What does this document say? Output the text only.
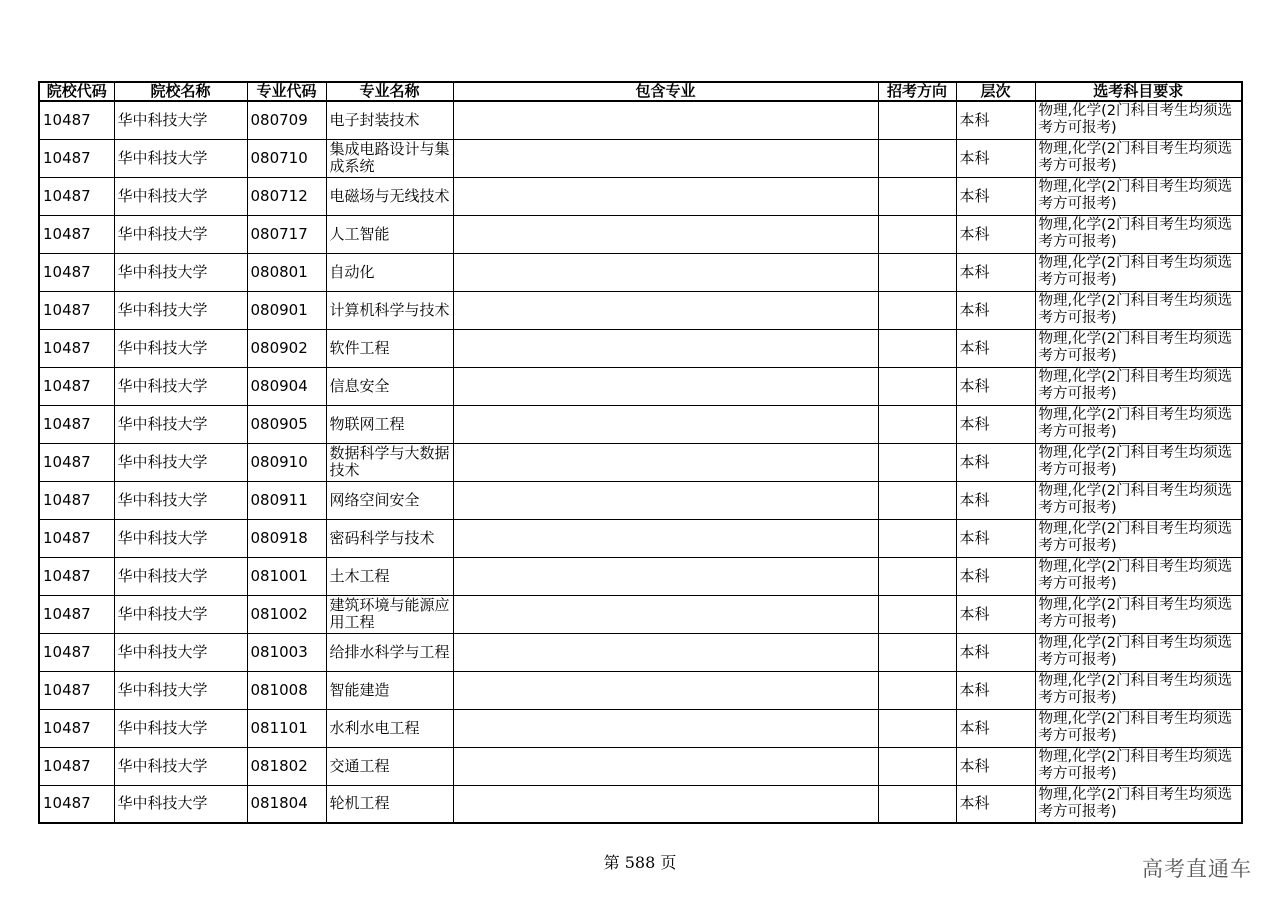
院校代码	院校名称	专业代码	专业名称	包含专业	招考方向	层次	选考科目要求
10487	华中科技大学	080709	电子封装技术			本科	物理,化学(2门科目考生均须选考方可报考)
10487	华中科技大学	080710	集成电路设计与集成系统			本科	物理,化学(2门科目考生均须选考方可报考)
10487	华中科技大学	080712	电磁场与无线技术			本科	物理,化学(2门科目考生均须选考方可报考)
10487	华中科技大学	080717	人工智能			本科	物理,化学(2门科目考生均须选考方可报考)
10487	华中科技大学	080801	自动化			本科	物理,化学(2门科目考生均须选考方可报考)
10487	华中科技大学	080901	计算机科学与技术			本科	物理,化学(2门科目考生均须选考方可报考)
10487	华中科技大学	080902	软件工程			本科	物理,化学(2门科目考生均须选考方可报考)
10487	华中科技大学	080904	信息安全			本科	物理,化学(2门科目考生均须选考方可报考)
10487	华中科技大学	080905	物联网工程			本科	物理,化学(2门科目考生均须选考方可报考)
10487	华中科技大学	080910	数据科学与大数据技术			本科	物理,化学(2门科目考生均须选考方可报考)
10487	华中科技大学	080911	网络空间安全			本科	物理,化学(2门科目考生均须选考方可报考)
10487	华中科技大学	080918	密码科学与技术			本科	物理,化学(2门科目考生均须选考方可报考)
10487	华中科技大学	081001	土木工程			本科	物理,化学(2门科目考生均须选考方可报考)
10487	华中科技大学	081002	建筑环境与能源应用工程			本科	物理,化学(2门科目考生均须选考方可报考)
10487	华中科技大学	081003	给排水科学与工程			本科	物理,化学(2门科目考生均须选考方可报考)
10487	华中科技大学	081008	智能建造			本科	物理,化学(2门科目考生均须选考方可报考)
10487	华中科技大学	081101	水利水电工程			本科	物理,化学(2门科目考生均须选考方可报考)
10487	华中科技大学	081802	交通工程			本科	物理,化学(2门科目考生均须选考方可报考)
10487	华中科技大学	081804	轮机工程			本科	物理,化学(2门科目考生均须选考方可报考)
第 588 页	高考直通车
